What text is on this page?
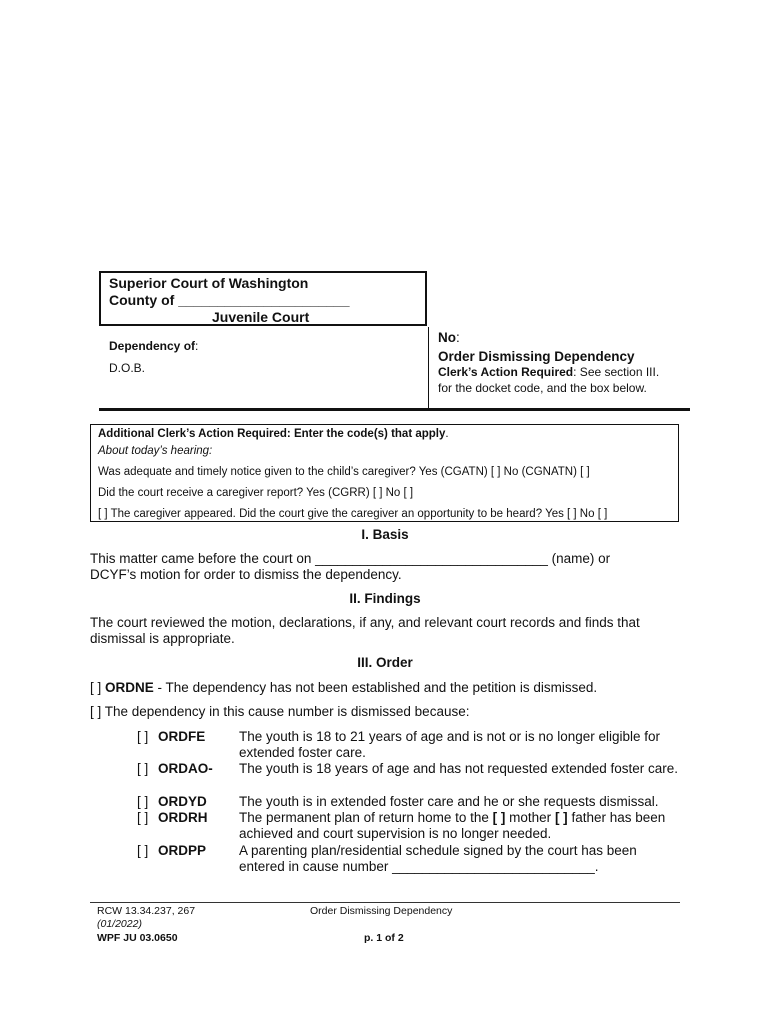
Superior Court of Washington
County of ______________________
Juvenile Court
Dependency of:
D.O.B.
No:
Order Dismissing Dependency
Clerk’s Action Required: See section III.
for the docket code, and the box below.
Additional Clerk’s Action Required: Enter the code(s) that apply.
About today’s hearing:
Was adequate and timely notice given to the child’s caregiver? Yes (CGATN) [ ] No (CGNATN) [ ]
Did the court receive a caregiver report? Yes (CGRR) [ ] No [ ]
[ ] The caregiver appeared. Did the court give the caregiver an opportunity to be heard? Yes [ ] No [ ]
I. Basis
This matter came before the court on _______________________________ (name) or
DCYF’s motion for order to dismiss the dependency.
II. Findings
The court reviewed the motion, declarations, if any, and relevant court records and finds that
dismissal is appropriate.
III. Order
[ ] ORDNE - The dependency has not been established and the petition is dismissed.
[ ] The dependency in this cause number is dismissed because:
[ ] ORDFE	The youth is 18 to 21 years of age and is not or is no longer eligible for extended foster care.
[ ] ORDAO- The youth is 18 years of age and has not requested extended foster care.
[ ] ORDYD The youth is in extended foster care and he or she requests dismissal.
[ ] ORDRH The permanent plan of return home to the [ ] mother [ ] father has been achieved and court supervision is no longer needed.
[ ] ORDPP A parenting plan/residential schedule signed by the court has been entered in cause number ___________________________.
RCW 13.34.237, 267
(01/2022)
WPF JU 03.0650
Order Dismissing Dependency
p. 1 of 2
